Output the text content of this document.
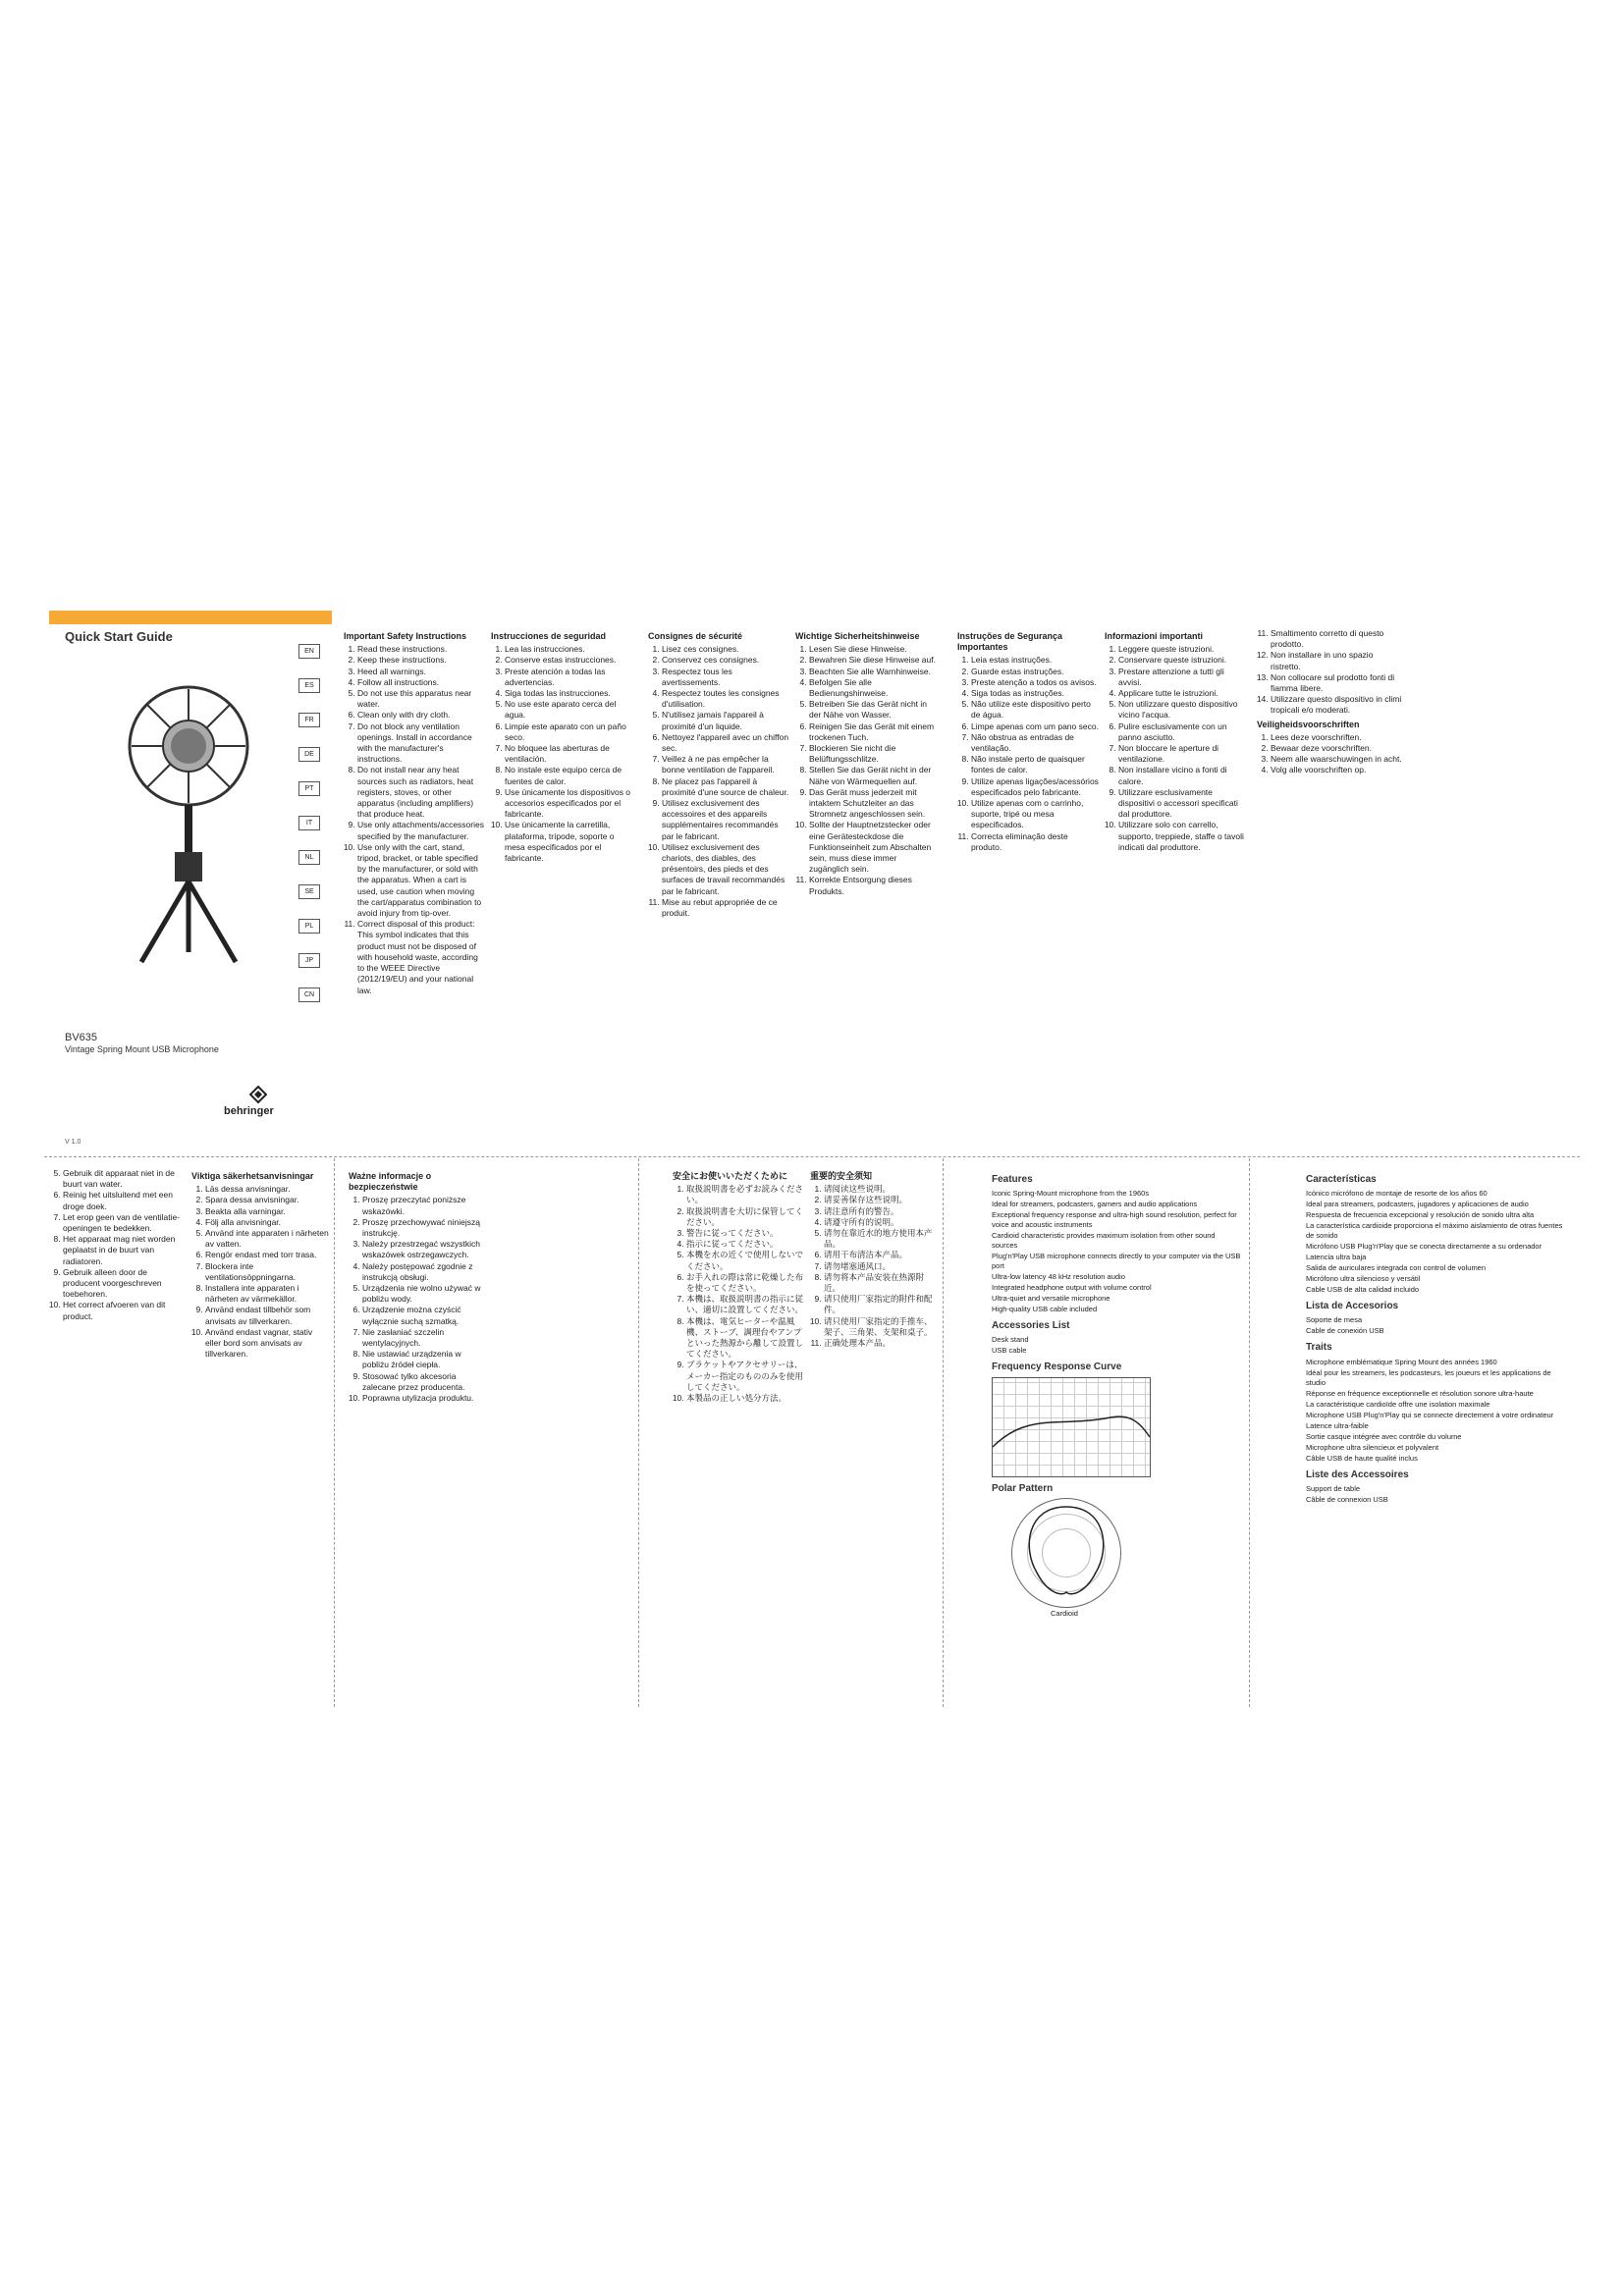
Quick Start Guide
EN
ES
FR
DE
PT
IT
NL
SE
PL
JP
CN
BV635
Vintage Spring Mount USB Microphone
behringer
V 1.0
Important Safety Instructions
1. Read these instructions.
2. Keep these instructions.
3. Heed all warnings.
4. Follow all instructions.
5. Do not use this apparatus near water.
6. Clean only with dry cloth.
7. Do not block any ventilation openings. Install in accordance with the manufacturer's instructions.
8. Do not install near any heat sources such as radiators, heat registers, stoves, or other apparatus (including amplifiers) that produce heat.
9. Use only attachments/accessories specified by the manufacturer.
10. Use only with the cart, stand, tripod, bracket, or table specified by the manufacturer, or sold with the apparatus. When a cart is used, use caution when moving the cart/apparatus combination to avoid injury from tip-over.
11. Correct disposal of this product: This symbol indicates that this product must not be disposed of with household waste, according to the WEEE Directive (2012/19/EU) and your national law.
Instrucciones de seguridad
1. Lea las instrucciones.
2. Conserve estas instrucciones.
3. Preste atención a todas las advertencias.
4. Siga todas las instrucciones.
5. No use este aparato cerca del agua.
6. Limpie este aparato con un paño seco.
7. No bloquee las aberturas de ventilación.
8. No instale este equipo cerca de fuentes de calor.
9. Use únicamente los dispositivos o accesorios especificados por el fabricante.
10. Use únicamente la carretilla, plataforma, trípode, soporte o mesa especificados por el fabricante.
Consignes de sécurité
1. Lisez ces consignes.
2. Conservez ces consignes.
3. Respectez tous les avertissements.
4. Respectez toutes les consignes d'utilisation.
5. N'utilisez jamais l'appareil à proximité d'un liquide.
6. Nettoyez l'appareil avec un chiffon sec.
7. Veillez à ne pas empêcher la bonne ventilation de l'appareil.
8. Ne placez pas l'appareil à proximité d'une source de chaleur.
9. Utilisez exclusivement des accessoires et des appareils supplémentaires recommandés par le fabricant.
10. Utilisez exclusivement des chariots, des diables, des présentoirs, des pieds et des surfaces de travail recommandés par le fabricant.
11. Mise au rebut appropriée de ce produit.
Wichtige Sicherheitshinweise
1. Lesen Sie diese Hinweise.
2. Bewahren Sie diese Hinweise auf.
3. Beachten Sie alle Warnhinweise.
4. Befolgen Sie alle Bedienungshinweise.
5. Betreiben Sie das Gerät nicht in der Nähe von Wasser.
6. Reinigen Sie das Gerät mit einem trockenen Tuch.
7. Blockieren Sie nicht die Belüftungsschlitze.
8. Stellen Sie das Gerät nicht in der Nähe von Wärmequellen auf.
9. Das Gerät muss jederzeit mit intaktem Schutzleiter an das Stromnetz angeschlossen sein.
10. Sollte der Hauptnetzstecker oder eine Gerätesteckdose die Funktionseinheit zum Abschalten sein, muss diese immer zugänglich sein.
11. Korrekte Entsorgung dieses Produkts.
Instruções de Segurança Importantes
1. Leia estas instruções.
2. Guarde estas instruções.
3. Preste atenção a todos os avisos.
4. Siga todas as instruções.
5. Não utilize este dispositivo perto de água.
6. Limpe apenas com um pano seco.
7. Não obstrua as entradas de ventilação.
8. Não instale perto de quaisquer fontes de calor.
9. Utilize apenas ligações/acessórios especificados pelo fabricante.
10. Utilize apenas com o carrinho, suporte, tripé ou mesa especificados.
11. Correcta eliminação deste produto.
Informazioni importanti
1. Leggere queste istruzioni.
2. Conservare queste istruzioni.
3. Prestare attenzione a tutti gli avvisi.
4. Applicare tutte le istruzioni.
5. Non utilizzare questo dispositivo vicino l'acqua.
6. Pulire esclusivamente con un panno asciutto.
7. Non bloccare le aperture di ventilazione.
8. Non installare vicino a fonti di calore.
9. Utilizzare esclusivamente dispositivi o accessori specificati dal produttore.
10. Utilizzare solo con carrello, supporto, treppiede, staffe o tavoli indicati dal produttore.
11. Smaltimento corretto di questo prodotto.
12. Non installare in uno spazio ristretto.
13. Non collocare sul prodotto fonti di fiamma libere.
14. Utilizzare questo dispositivo in climi tropicali e/o moderati.
Veiligheidsvoorschriften
1. Lees deze voorschriften.
2. Bewaar deze voorschriften.
3. Neem alle waarschuwingen in acht.
4. Volg alle voorschriften op.
5. Gebruik dit apparaat niet in de buurt van water.
6. Reinig het uitsluitend met een droge doek.
7. Let erop geen van de ventilatie-openingen te bedekken.
8. Het apparaat mag niet worden geplaatst in de buurt van radiatoren.
9. Gebruik alleen door de producent voorgeschreven toebehoren.
10. Het correct afvoeren van dit product.
Viktiga säkerhetsanvisningar
1. Läs dessa anvisningar.
2. Spara dessa anvisningar.
3. Beakta alla varningar.
4. Följ alla anvisningar.
5. Använd inte apparaten i närheten av vatten.
6. Rengör endast med torr trasa.
7. Blockera inte ventilationsöppningarna.
8. Installera inte apparaten i närheten av värmekällor.
9. Använd endast tillbehör som anvisats av tillverkaren.
10. Använd endast vagnar, stativ eller bord som anvisats av tillverkaren.
Ważne informacje o bezpieczeństwie
1. Proszę przeczytać poniższe wskazówki.
2. Proszę przechowywać niniejszą instrukcję.
3. Należy przestrzegać wszystkich wskazówek ostrzegawczych.
4. Należy postępować zgodnie z instrukcją obsługi.
5. Urządzenia nie wolno używać w pobliżu wody.
6. Urządzenie można czyścić wyłącznie suchą szmatką.
7. Nie zasłaniać szczelin wentylacyjnych.
8. Nie ustawiać urządzenia w pobliżu źródeł ciepła.
9. Stosować tylko akcesoria zalecane przez producenta.
10. Poprawna utylizacja produktu.
安全にお使いいただくために
1. 取扱説明書を必ずお読みください。
2. 取扱説明書を大切に保管してください。
3. 警告に従ってください。
4. 指示に従ってください。
5. 本機を水の近くで使用しないでください。
6. お手入れの際は常に乾燥した布を使ってください。
7. 本機は、取扱説明書の指示に従い、適切に設置してください。
8. 本機は、電気ヒーターや温風機、ストーブ、調理台やアンプといった熱源から離して設置してください。
9. ブラケットやアクセサリーは、メーカー指定のもののみを使用してください。
10. 本製品の正しい処分方法。
重要的安全须知
1. 请阅读这些说明。
2. 请妥善保存这些说明。
3. 请注意所有的警告。
4. 请遵守所有的说明。
5. 请勿在靠近水的地方使用本产品。
6. 请用干布清洁本产品。
7. 请勿堵塞通风口。
8. 请勿将本产品安装在热源附近。
9. 请只使用厂家指定的附件和配件。
10. 请只使用厂家指定的手推车、架子、三角架、支架和桌子。
11. 正确处理本产品。
Features
Iconic Spring-Mount microphone from the 1960s
Ideal for streamers, podcasters, gamers and audio applications
Exceptional frequency response and ultra-high sound resolution, perfect for voice and acoustic instruments
Cardioid characteristic provides maximum isolation from other sound sources
Plug'n'Play USB microphone connects directly to your computer via the USB port
Ultra-low latency 48 kHz resolution audio
Integrated headphone output with volume control
Ultra-quiet and versatile microphone
High-quality USB cable included
Accessories List
Desk stand
USB cable
Frequency Response Curve
Polar Pattern
Cardioid
Características
Icónico micrófono de montaje de resorte de los años 60
Ideal para streamers, podcasters, jugadores y aplicaciones de audio
Respuesta de frecuencia excepcional y resolución de sonido ultra alta
La característica cardioide proporciona el máximo aislamiento de otras fuentes de sonido
Micrófono USB Plug'n'Play que se conecta directamente a su ordenador
Latencia ultra baja
Salida de auriculares integrada con control de volumen
Micrófono ultra silencioso y versátil
Cable USB de alta calidad incluido
Lista de Accesorios
Soporte de mesa
Cable de conexión USB
Traits
Microphone emblématique Spring Mount des années 1960
Idéal pour les streamers, les podcasteurs, les joueurs et les applications de studio
Réponse en fréquence exceptionnelle et résolution sonore ultra-haute
La caractéristique cardioïde offre une isolation maximale
Microphone USB Plug'n'Play qui se connecte directement à votre ordinateur
Latence ultra-faible
Sortie casque intégrée avec contrôle du volume
Microphone ultra silencieux et polyvalent
Câble USB de haute qualité inclus
Liste des Accessoires
Support de table
Câble de connexion USB
